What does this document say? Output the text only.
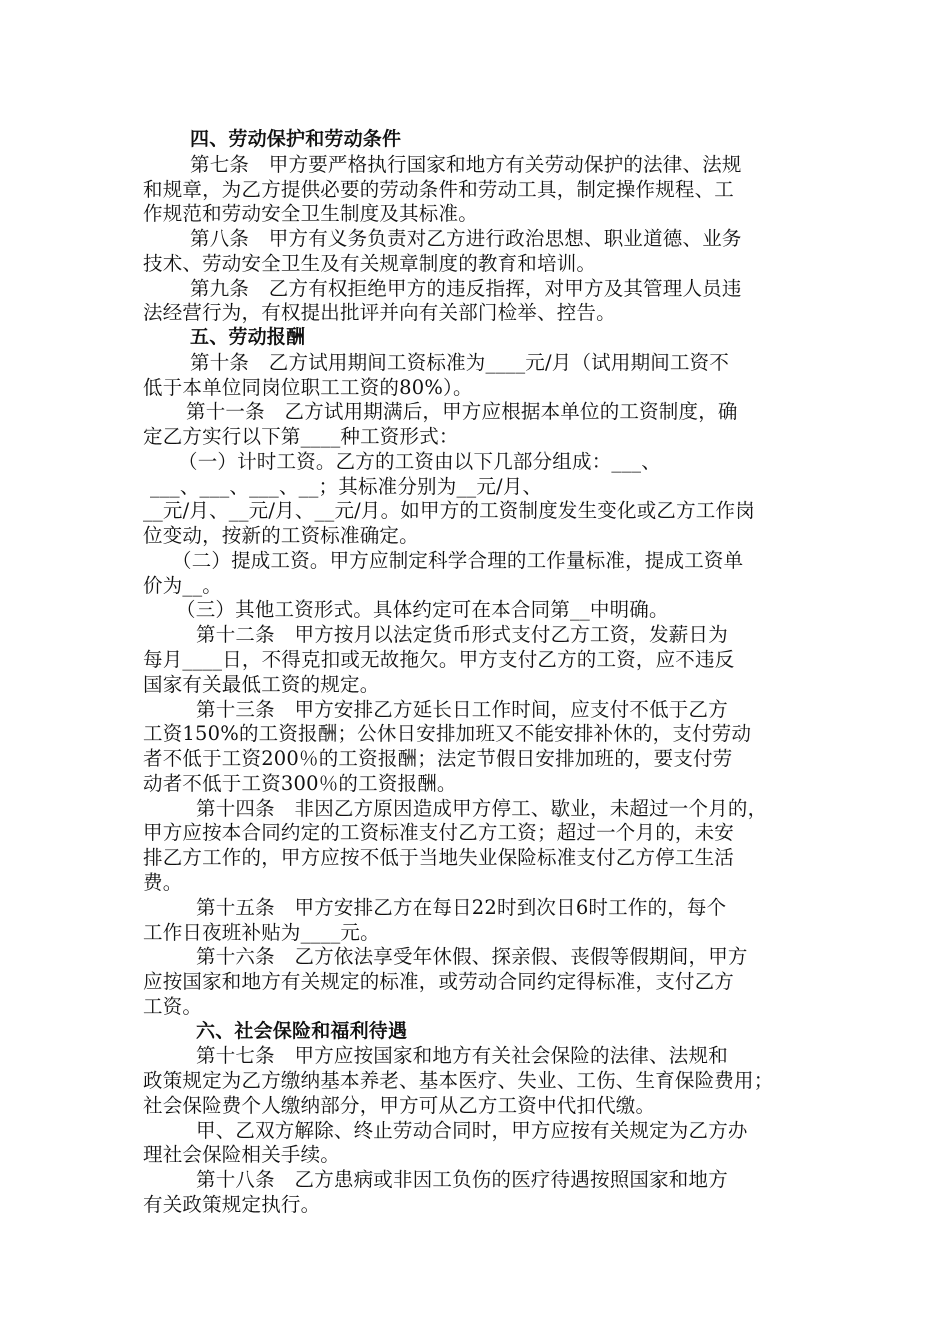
四、劳动保护和劳动条件
第七条　甲方要严格执行国家和地方有关劳动保护的法律、法规
和规章，为乙方提供必要的劳动条件和劳动工具，制定操作规程、工
作规范和劳动安全卫生制度及其标准。
第八条　甲方有义务负责对乙方进行政治思想、职业道德、业务
技术、劳动安全卫生及有关规章制度的教育和培训。
第九条　乙方有权拒绝甲方的违反指挥，对甲方及其管理人员违
法经营行为，有权提出批评并向有关部门检举、控告。
五、劳动报酬
第十条　乙方试用期间工资标准为____元/月（试用期间工资不
低于本单位同岗位职工工资的80%）。
第十一条　乙方试用期满后，甲方应根据本单位的工资制度，确
定乙方实行以下第____种工资形式：
（一）计时工资。乙方的工资由以下几部分组成：___、
___、___、___、__；其标准分别为__元/月、
__元/月、__元/月、__元/月。如甲方的工资制度发生变化或乙方工作岗
位变动，按新的工资标准确定。
（二）提成工资。甲方应制定科学合理的工作量标准，提成工资单
价为__。
（三）其他工资形式。具体约定可在本合同第__中明确。
第十二条　甲方按月以法定货币形式支付乙方工资，发薪日为
每月____日，不得克扣或无故拖欠。甲方支付乙方的工资，应不违反
国家有关最低工资的规定。
第十三条　甲方安排乙方延长日工作时间，应支付不低于乙方
工资150%的工资报酬；公休日安排加班又不能安排补休的，支付劳动
者不低于工资200％的工资报酬；法定节假日安排加班的，要支付劳
动者不低于工资300％的工资报酬。
第十四条　非因乙方原因造成甲方停工、歇业，未超过一个月的，
甲方应按本合同约定的工资标准支付乙方工资；超过一个月的，未安
排乙方工作的，甲方应按不低于当地失业保险标准支付乙方停工生活
费。
第十五条　甲方安排乙方在每日22时到次日6时工作的，每个
工作日夜班补贴为____元。
第十六条　乙方依法享受年休假、探亲假、丧假等假期间，甲方
应按国家和地方有关规定的标准，或劳动合同约定得标准，支付乙方
工资。
六、社会保险和福利待遇
第十七条　甲方应按国家和地方有关社会保险的法律、法规和
政策规定为乙方缴纳基本养老、基本医疗、失业、工伤、生育保险费用；
社会保险费个人缴纳部分，甲方可从乙方工资中代扣代缴。
甲、乙双方解除、终止劳动合同时，甲方应按有关规定为乙方办
理社会保险相关手续。
第十八条　乙方患病或非因工负伤的医疗待遇按照国家和地方
有关政策规定执行。
